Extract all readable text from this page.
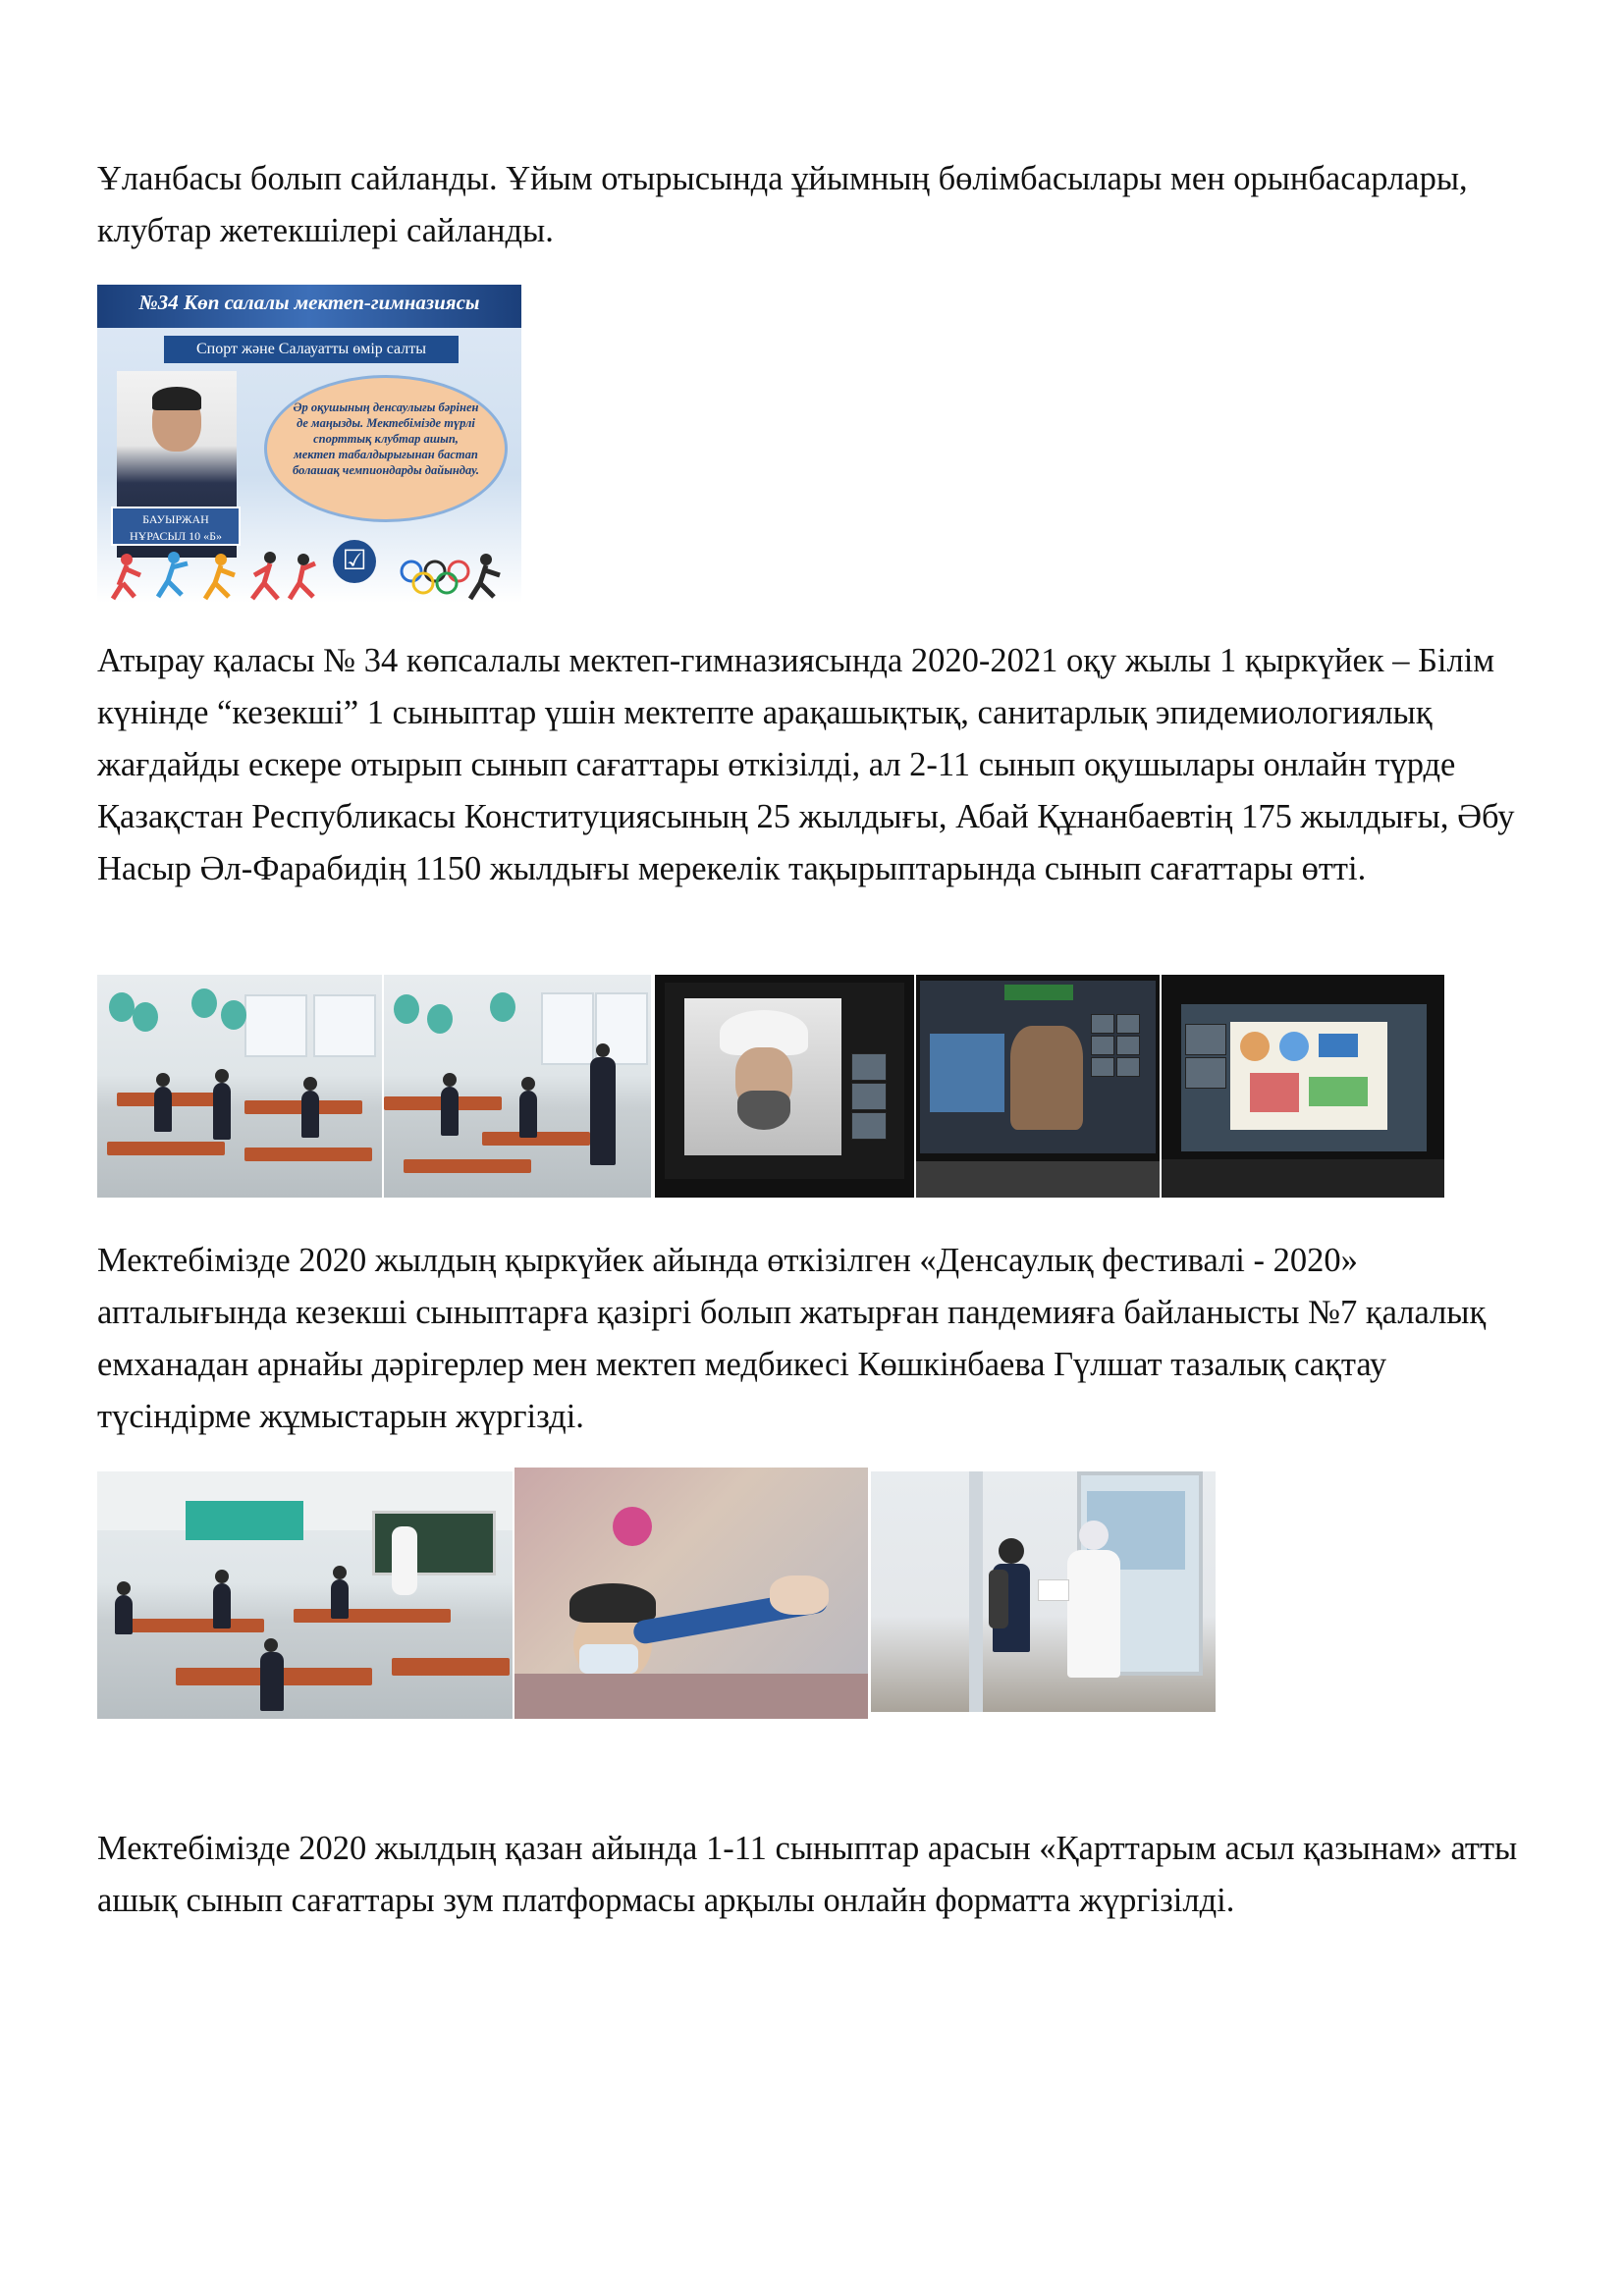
Ұланбасы болып сайланды. Ұйым отырысында ұйымның бөлімбасылары мен орынбасарлары, клубтар жетекшілері сайланды.

№34 Көп салалы мектеп-гимназиясы
Спорт және Салауатты өмір салты
БАУЫРЖАН
НҰРАСЫЛ 10 «Б»
Әр оқушының денсаулығы бәрінен де маңызды. Мектебімізде түрлі спорттық клубтар ашып, мектеп табалдырығынан бастап болашақ чемпиондарды дайындау.
☑

Атырау қаласы № 34 көпсалалы мектеп-гимназиясында 2020-2021 оқу жылы 1 қыркүйек – Білім күнінде “кезекші” 1 сыныптар үшін мектепте арақашықтық, санитарлық эпидемиологиялық жағдайды ескере отырып сынып сағаттары өткізілді, ал 2-11 сынып оқушылары онлайн түрде Қазақстан Республикасы Конституциясының 25 жылдығы, Абай Құнанбаевтің 175 жылдығы, Әбу Насыр Әл-Фарабидің 1150 жылдығы мерекелік тақырыптарында сынып сағаттары өтті.

Мектебімізде 2020 жылдың қыркүйек айында өткізілген «Денсаулық фестивалі - 2020» апталығында кезекші сыныптарға қазіргі болып жатырған пандемияға байланысты №7 қалалық емханадан арнайы дәрігерлер мен мектеп медбикесі Көшкінбаева Гүлшат тазалық сақтау түсіндірме жұмыстарын жүргізді.

Мектебімізде 2020 жылдың қазан айында 1-11 сыныптар арасын «Қарттарым асыл қазынам» атты ашық сынып сағаттары зум платформасы арқылы онлайн форматта жүргізілді.
